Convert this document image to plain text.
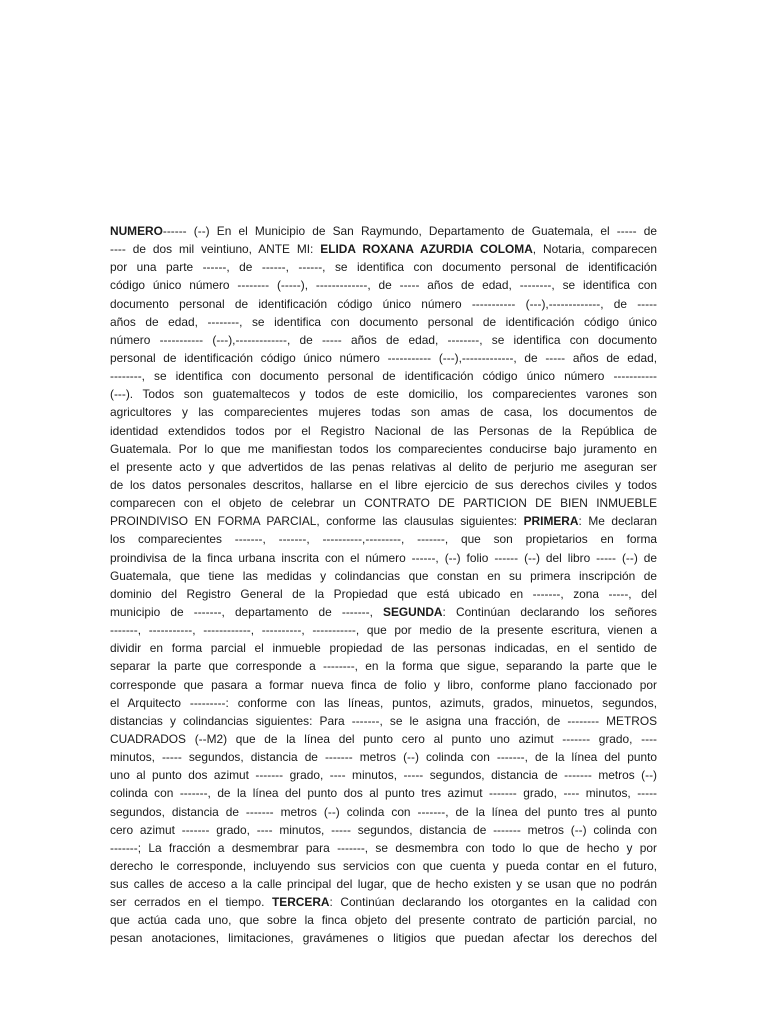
NUMERO------ (--) En el Municipio de San Raymundo, Departamento de Guatemala, el ----- de
---- de dos mil veintiuno, ANTE MI: ELIDA ROXANA AZURDIA COLOMA, Notaria, comparecen
por una parte ------, de ------, ------, se identifica con documento personal de identificación
código único número -------- (-----), -------------, de ----- años de edad, --------, se identifica con
documento personal de identificación código único número ----------- (---),-------------, de -----
años de edad, --------, se identifica con documento personal de identificación código único
número ----------- (---),-------------, de ----- años de edad, --------, se identifica con documento
personal de identificación código único número ----------- (---),-------------, de ----- años de edad,
--------, se identifica con documento personal de identificación código único número -----------
(---). Todos son guatemaltecos y todos de este domicilio, los comparecientes varones son
agricultores y las comparecientes mujeres todas son amas de casa, los documentos de
identidad extendidos todos por el Registro Nacional de las Personas de la República de
Guatemala. Por lo que me manifiestan todos los comparecientes conducirse bajo juramento en
el presente acto y que advertidos de las penas relativas al delito de perjurio me aseguran ser
de los datos personales descritos, hallarse en el libre ejercicio de sus derechos civiles y todos
comparecen con el objeto de celebrar un CONTRATO DE PARTICION DE BIEN INMUEBLE
PROINDIVISO EN FORMA PARCIAL, conforme las clausulas siguientes: PRIMERA: Me declaran
los comparecientes -------, -------, ----------,---------, -------, que son propietarios en forma
proindivisa de la finca urbana inscrita con el número ------, (--) folio ------ (--) del libro ----- (--) de
Guatemala, que tiene las medidas y colindancias que constan en su primera inscripción de
dominio del Registro General de la Propiedad que está ubicado en -------, zona -----, del
municipio de -------, departamento de -------, SEGUNDA: Continúan declarando los señores
-------, -----------, ------------, ----------, -----------, que por medio de la presente escritura, vienen a
dividir en forma parcial el inmueble propiedad de las personas indicadas, en el sentido de
separar la parte que corresponde a --------, en la forma que sigue, separando la parte que le
corresponde que pasara a formar nueva finca de folio y libro, conforme plano faccionado por
el Arquitecto ---------: conforme con las líneas, puntos, azimuts, grados, minuetos, segundos,
distancias y colindancias siguientes: Para -------, se le asigna una fracción, de -------- METROS
CUADRADOS (--M2) que de la línea del punto cero al punto uno azimut ------- grado, ----
minutos, ----- segundos, distancia de ------- metros (--) colinda con -------, de la línea del punto
uno al punto dos azimut ------- grado, ---- minutos, ----- segundos, distancia de ------- metros (--)
colinda con -------, de la línea del punto dos al punto tres azimut ------- grado, ---- minutos, -----
segundos, distancia de ------- metros (--) colinda con -------, de la línea del punto tres al punto
cero azimut ------- grado, ---- minutos, ----- segundos, distancia de ------- metros (--) colinda con
-------; La fracción a desmembrar para -------, se desmembra con todo lo que de hecho y por
derecho le corresponde, incluyendo sus servicios con que cuenta y pueda contar en el futuro,
sus calles de acceso a la calle principal del lugar, que de hecho existen y se usan que no podrán
ser cerrados en el tiempo. TERCERA: Continúan declarando los otorgantes en la calidad con
que actúa cada uno, que sobre la finca objeto del presente contrato de partición parcial, no
pesan anotaciones, limitaciones, gravámenes o litigios que puedan afectar los derechos del
